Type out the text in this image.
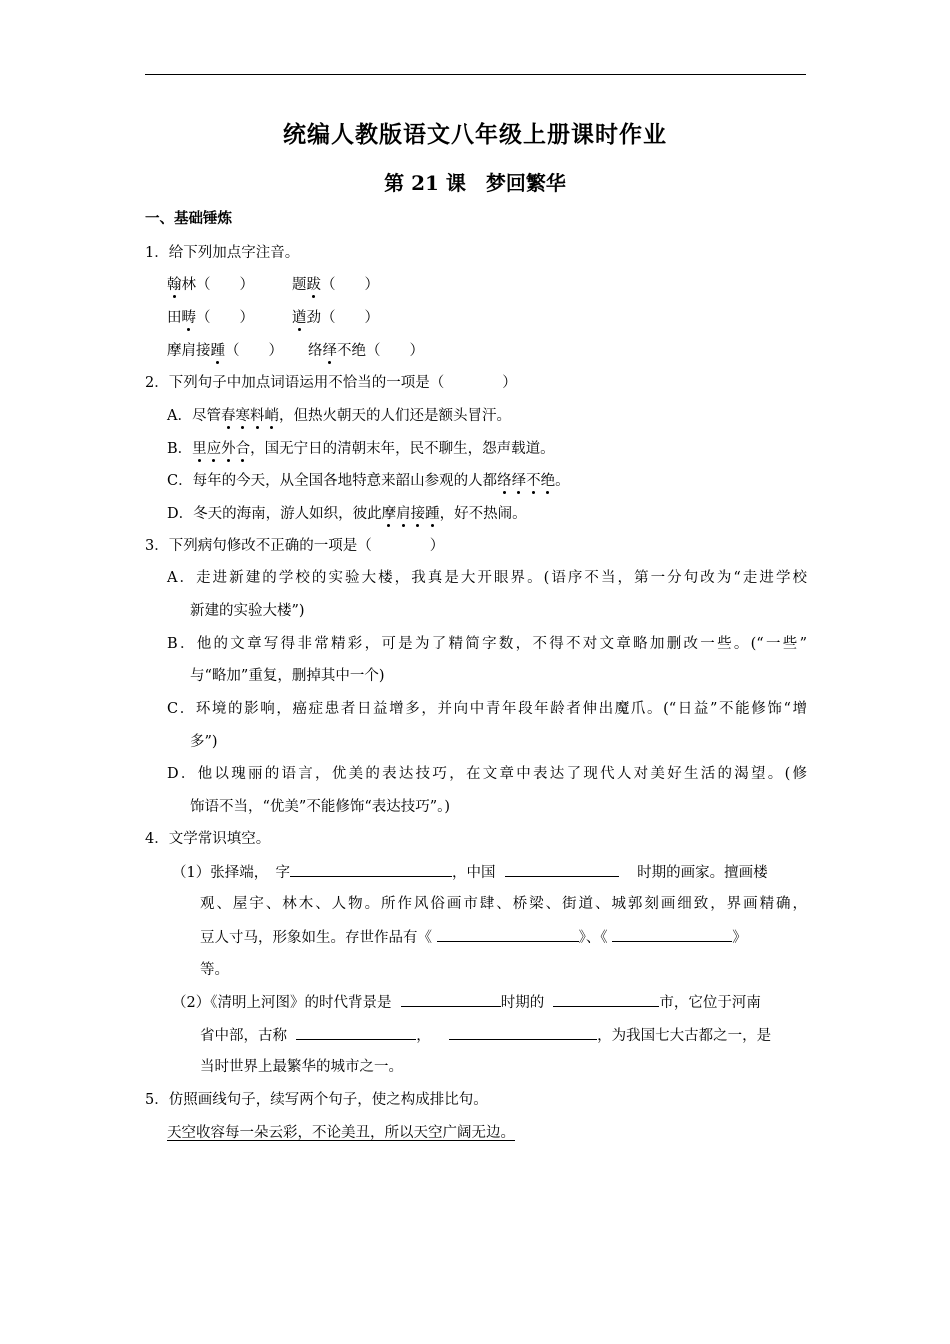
统编人教版语文八年级上册课时作业
第 21 课 梦回繁华
一、基础锤炼
1．给下列加点字注音。
翰林（　　）	题跋（　　）
田畴（　　）	遒劲（　　）
摩肩接踵（　　） 络绎不绝（　　）
2．下列句子中加点词语运用不恰当的一项是（　　　　）
A．尽管春寒料峭，但热火朝天的人们还是额头冒汗。
B．里应外合，国无宁日的清朝末年，民不聊生，怨声载道。
C．每年的今天，从全国各地特意来韶山参观的人都络绎不绝。
D．冬天的海南，游人如织，彼此摩肩接踵，好不热闹。
3．下列病句修改不正确的一项是（　　　　）
A．走进新建的学校的实验大楼，我真是大开眼界。(语序不当，第一分句改为“走进学校
新建的实验大楼”)
B．他的文章写得非常精彩，可是为了精简字数，不得不对文章略加删改一些。(“一些”
与“略加”重复，删掉其中一个)
C．环境的影响，癌症患者日益增多，并向中青年段年龄者伸出魔爪。(“日益”不能修饰“增
多”)
D．他以瑰丽的语言，优美的表达技巧，在文章中表达了现代人对美好生活的渴望。(修
饰语不当，“优美”不能修饰“表达技巧”。)
4．文学常识填空。
（1）张择端，　字	，中国	时期的画家。擅画楼
观、屋宇、林木、人物。所作风俗画市肆、桥梁、街道、城郭刻画细致，界画精确，
豆人寸马，形象如生。存世作品有《	》、《	》
等。
（2）《清明上河图》的时代背景是	时期的	市，它位于河南
省中部，古称	，	，为我国七大古都之一，是
当时世界上最繁华的城市之一。
5．仿照画线句子，续写两个句子，使之构成排比句。
天空收容每一朵云彩，不论美丑，所以天空广阔无边。
